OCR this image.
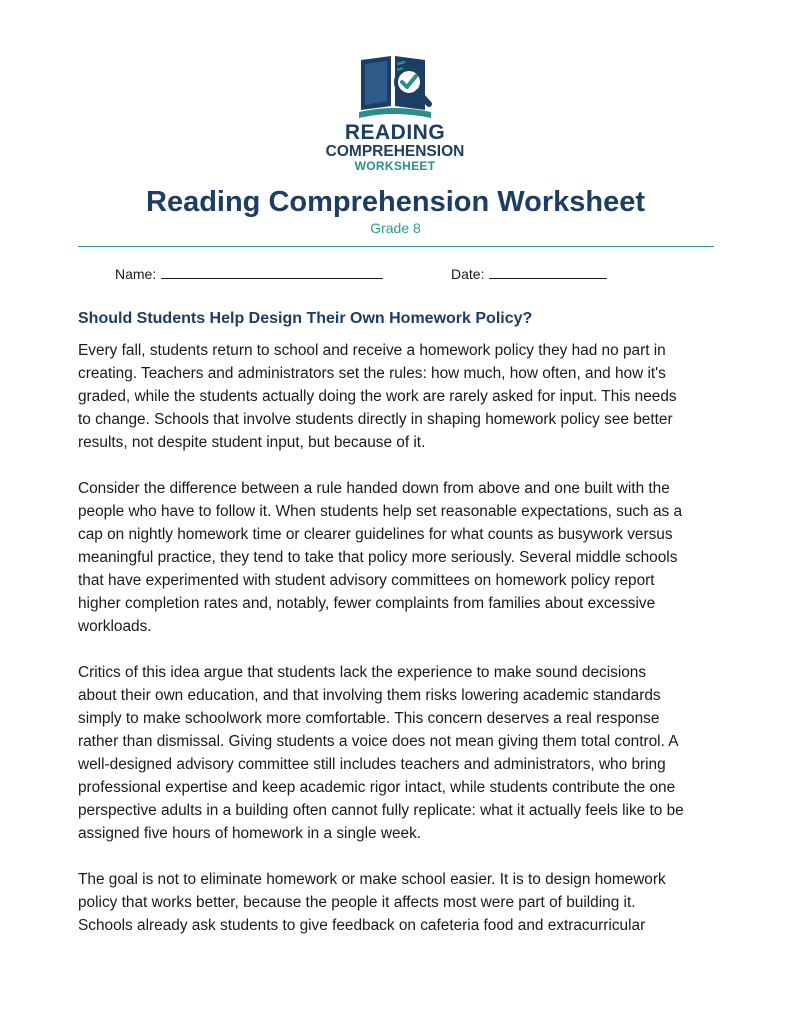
READING
COMPREHENSION
WORKSHEET
Reading Comprehension Worksheet
Grade 8
Name:	Date:
Should Students Help Design Their Own Homework Policy?

Every fall, students return to school and receive a homework policy they had no part in
creating. Teachers and administrators set the rules: how much, how often, and how it's
graded, while the students actually doing the work are rarely asked for input. This needs
to change. Schools that involve students directly in shaping homework policy see better
results, not despite student input, but because of it.

Consider the difference between a rule handed down from above and one built with the
people who have to follow it. When students help set reasonable expectations, such as a
cap on nightly homework time or clearer guidelines for what counts as busywork versus
meaningful practice, they tend to take that policy more seriously. Several middle schools
that have experimented with student advisory committees on homework policy report
higher completion rates and, notably, fewer complaints from families about excessive
workloads.

Critics of this idea argue that students lack the experience to make sound decisions
about their own education, and that involving them risks lowering academic standards
simply to make schoolwork more comfortable. This concern deserves a real response
rather than dismissal. Giving students a voice does not mean giving them total control. A
well-designed advisory committee still includes teachers and administrators, who bring
professional expertise and keep academic rigor intact, while students contribute the one
perspective adults in a building often cannot fully replicate: what it actually feels like to be
assigned five hours of homework in a single week.

The goal is not to eliminate homework or make school easier. It is to design homework
policy that works better, because the people it affects most were part of building it.
Schools already ask students to give feedback on cafeteria food and extracurricular
